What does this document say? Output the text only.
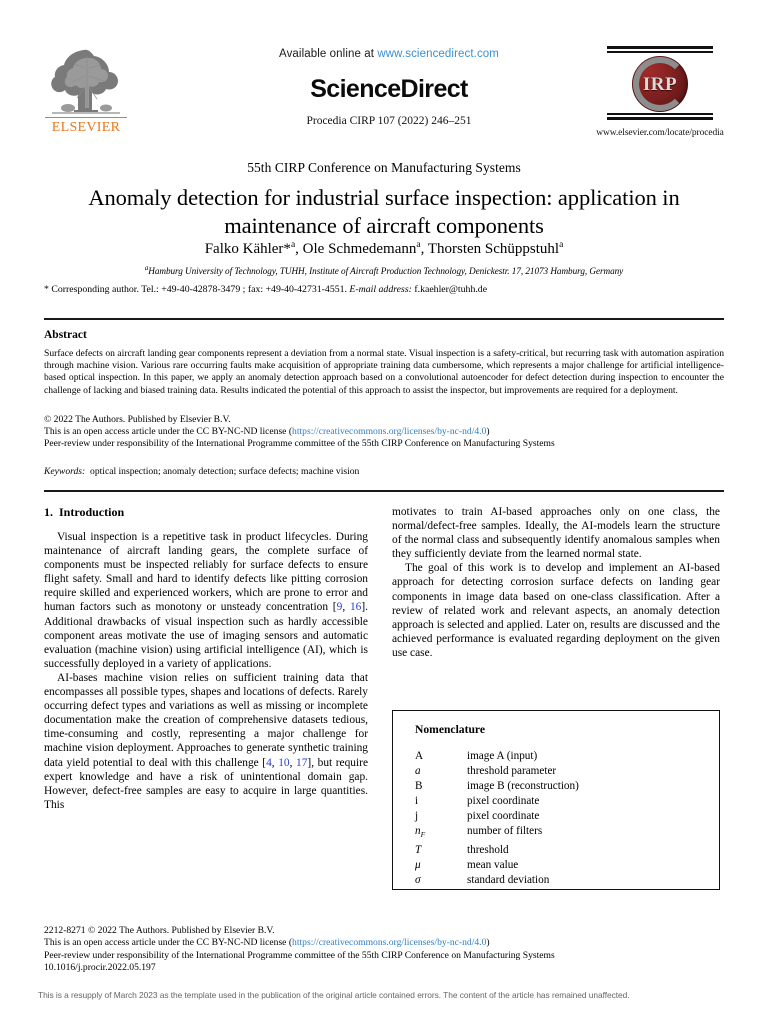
ELSEVIER
Available online at www.sciencedirect.com
ScienceDirect
Procedia CIRP 107 (2022) 246–251
IRP
www.elsevier.com/locate/procedia
55th CIRP Conference on Manufacturing Systems
Anomaly detection for industrial surface inspection: application in maintenance of aircraft components
Falko Kähler*$^a$, Ole Schmedemann$^a$, Thorsten Schüppstuhl$^a$
$^a$Hamburg University of Technology, TUHH, Institute of Aircraft Production Technology, Denickestr. 17, 21073 Hamburg, Germany
* Corresponding author. Tel.: +49-40-42878-3479 ; fax: +49-40-42731-4551. E-mail address: f.kaehler@tuhh.de
Abstract
Surface defects on aircraft landing gear components represent a deviation from a normal state. Visual inspection is a safety-critical, but recurring task with automation aspiration through machine vision. Various rare occurring faults make acquisition of appropriate training data cumbersome, which represents a major challenge for artificial intelligence-based optical inspection. In this paper, we apply an anomaly detection approach based on a convolutional autoencoder for defect detection during inspection to encounter the challenge of lacking and biased training data. Results indicated the potential of this approach to assist the inspector, but improvements are required for a deployment.
© 2022 The Authors. Published by Elsevier B.V.
This is an open access article under the CC BY-NC-ND license (https://creativecommons.org/licenses/by-nc-nd/4.0)
Peer-review under responsibility of the International Programme committee of the 55th CIRP Conference on Manufacturing Systems
Keywords: optical inspection; anomaly detection; surface defects; machine vision
1. Introduction

Visual inspection is a repetitive task in product lifecycles. During maintenance of aircraft landing gears, the complete surface of components must be inspected reliably for surface defects to ensure flight safety. Small and hard to identify defects like pitting corrosion require skilled and experienced workers, which are prone to error and human factors such as monotony or unsteady concentration [9, 16]. Additional drawbacks of visual inspection such as hardly accessible component areas motivate the use of imaging sensors and automatic evaluation (machine vision) using artificial intelligence (AI), which is successfully deployed in a variety of applications.

AI-bases machine vision relies on sufficient training data that encompasses all possible types, shapes and locations of defects. Rarely occurring defect types and variations as well as missing or incomplete documentation make the creation of comprehensive datasets tedious, time-consuming and costly, representing a major challenge for machine vision deployment. Approaches to generate synthetic training data yield potential to deal with this challenge [4, 10, 17], but require expert knowledge and have a risk of unintentional domain gap. However, defect-free samples are easy to acquire in large quantities. This

motivates to train AI-based approaches only on one class, the normal/defect-free samples. Ideally, the AI-models learn the structure of the normal class and subsequently identify anomalous samples when they sufficiently deviate from the learned normal state.

The goal of this work is to develop and implement an AI-based approach for detecting corrosion surface defects on landing gear components in image data based on one-class classification. After a review of related work and relevant aspects, an anomaly detection approach is selected and applied. Later on, results are discussed and the achieved performance is evaluated regarding deployment on the given use case.

Nomenclature
A	image A (input)
a	threshold parameter
B	image B (reconstruction)
i	pixel coordinate
j	pixel coordinate
$n_F$	number of filters
T	threshold
μ	mean value
σ	standard deviation
2212-8271 © 2022 The Authors. Published by Elsevier B.V.
This is an open access article under the CC BY-NC-ND license (https://creativecommons.org/licenses/by-nc-nd/4.0)
Peer-review under responsibility of the International Programme committee of the 55th CIRP Conference on Manufacturing Systems
10.1016/j.procir.2022.05.197
This is a resupply of March 2023 as the template used in the publication of the original article contained errors. The content of the article has remained unaffected.
